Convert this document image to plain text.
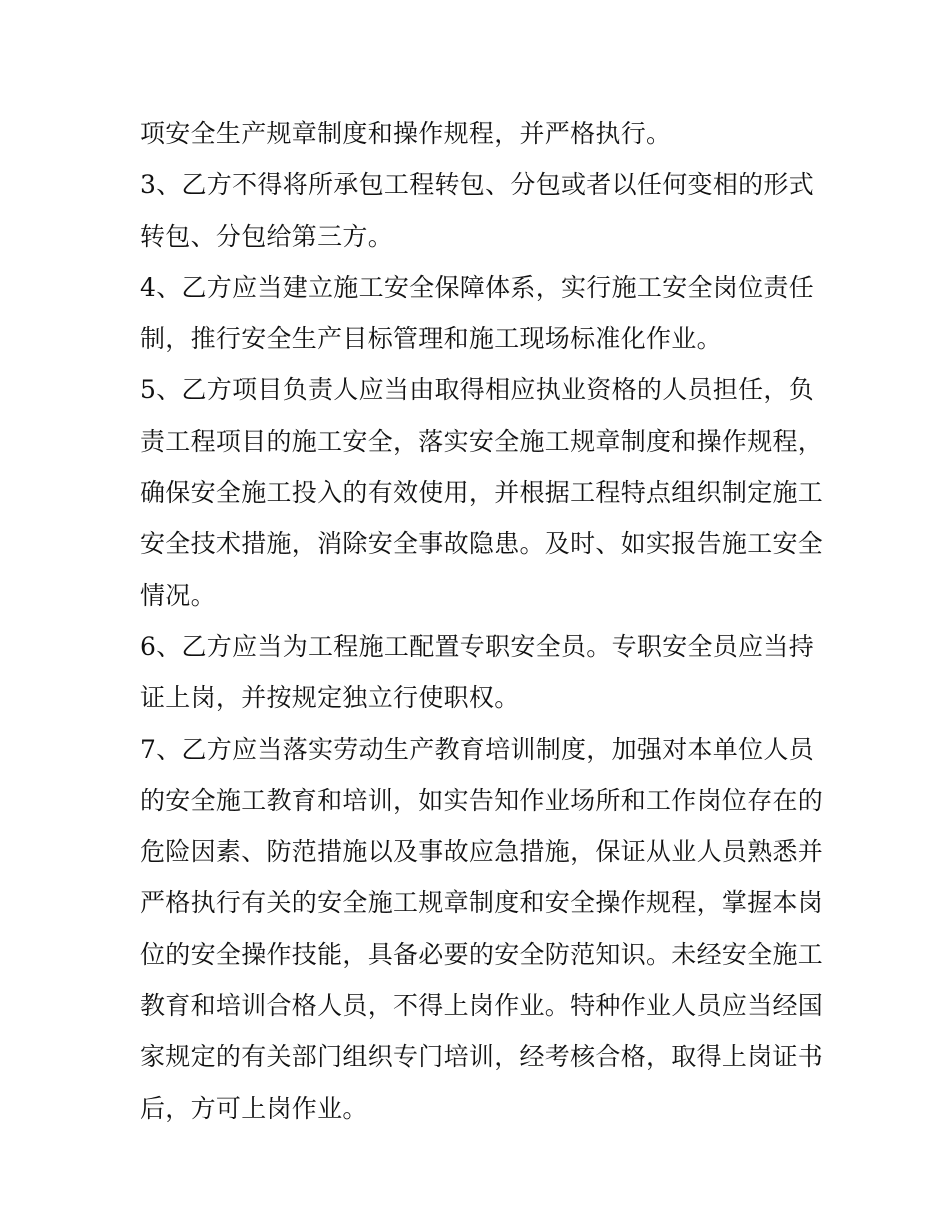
项安全生产规章制度和操作规程，并严格执行。
3、乙方不得将所承包工程转包、分包或者以任何变相的形式
转包、分包给第三方。
4、乙方应当建立施工安全保障体系，实行施工安全岗位责任
制，推行安全生产目标管理和施工现场标准化作业。
5、乙方项目负责人应当由取得相应执业资格的人员担任，负
责工程项目的施工安全，落实安全施工规章制度和操作规程，
确保安全施工投入的有效使用，并根据工程特点组织制定施工
安全技术措施，消除安全事故隐患。及时、如实报告施工安全
情况。
6、乙方应当为工程施工配置专职安全员。专职安全员应当持
证上岗，并按规定独立行使职权。
7、乙方应当落实劳动生产教育培训制度，加强对本单位人员
的安全施工教育和培训，如实告知作业场所和工作岗位存在的
危险因素、防范措施以及事故应急措施，保证从业人员熟悉并
严格执行有关的安全施工规章制度和安全操作规程，掌握本岗
位的安全操作技能，具备必要的安全防范知识。未经安全施工
教育和培训合格人员，不得上岗作业。特种作业人员应当经国
家规定的有关部门组织专门培训，经考核合格，取得上岗证书
后，方可上岗作业。
